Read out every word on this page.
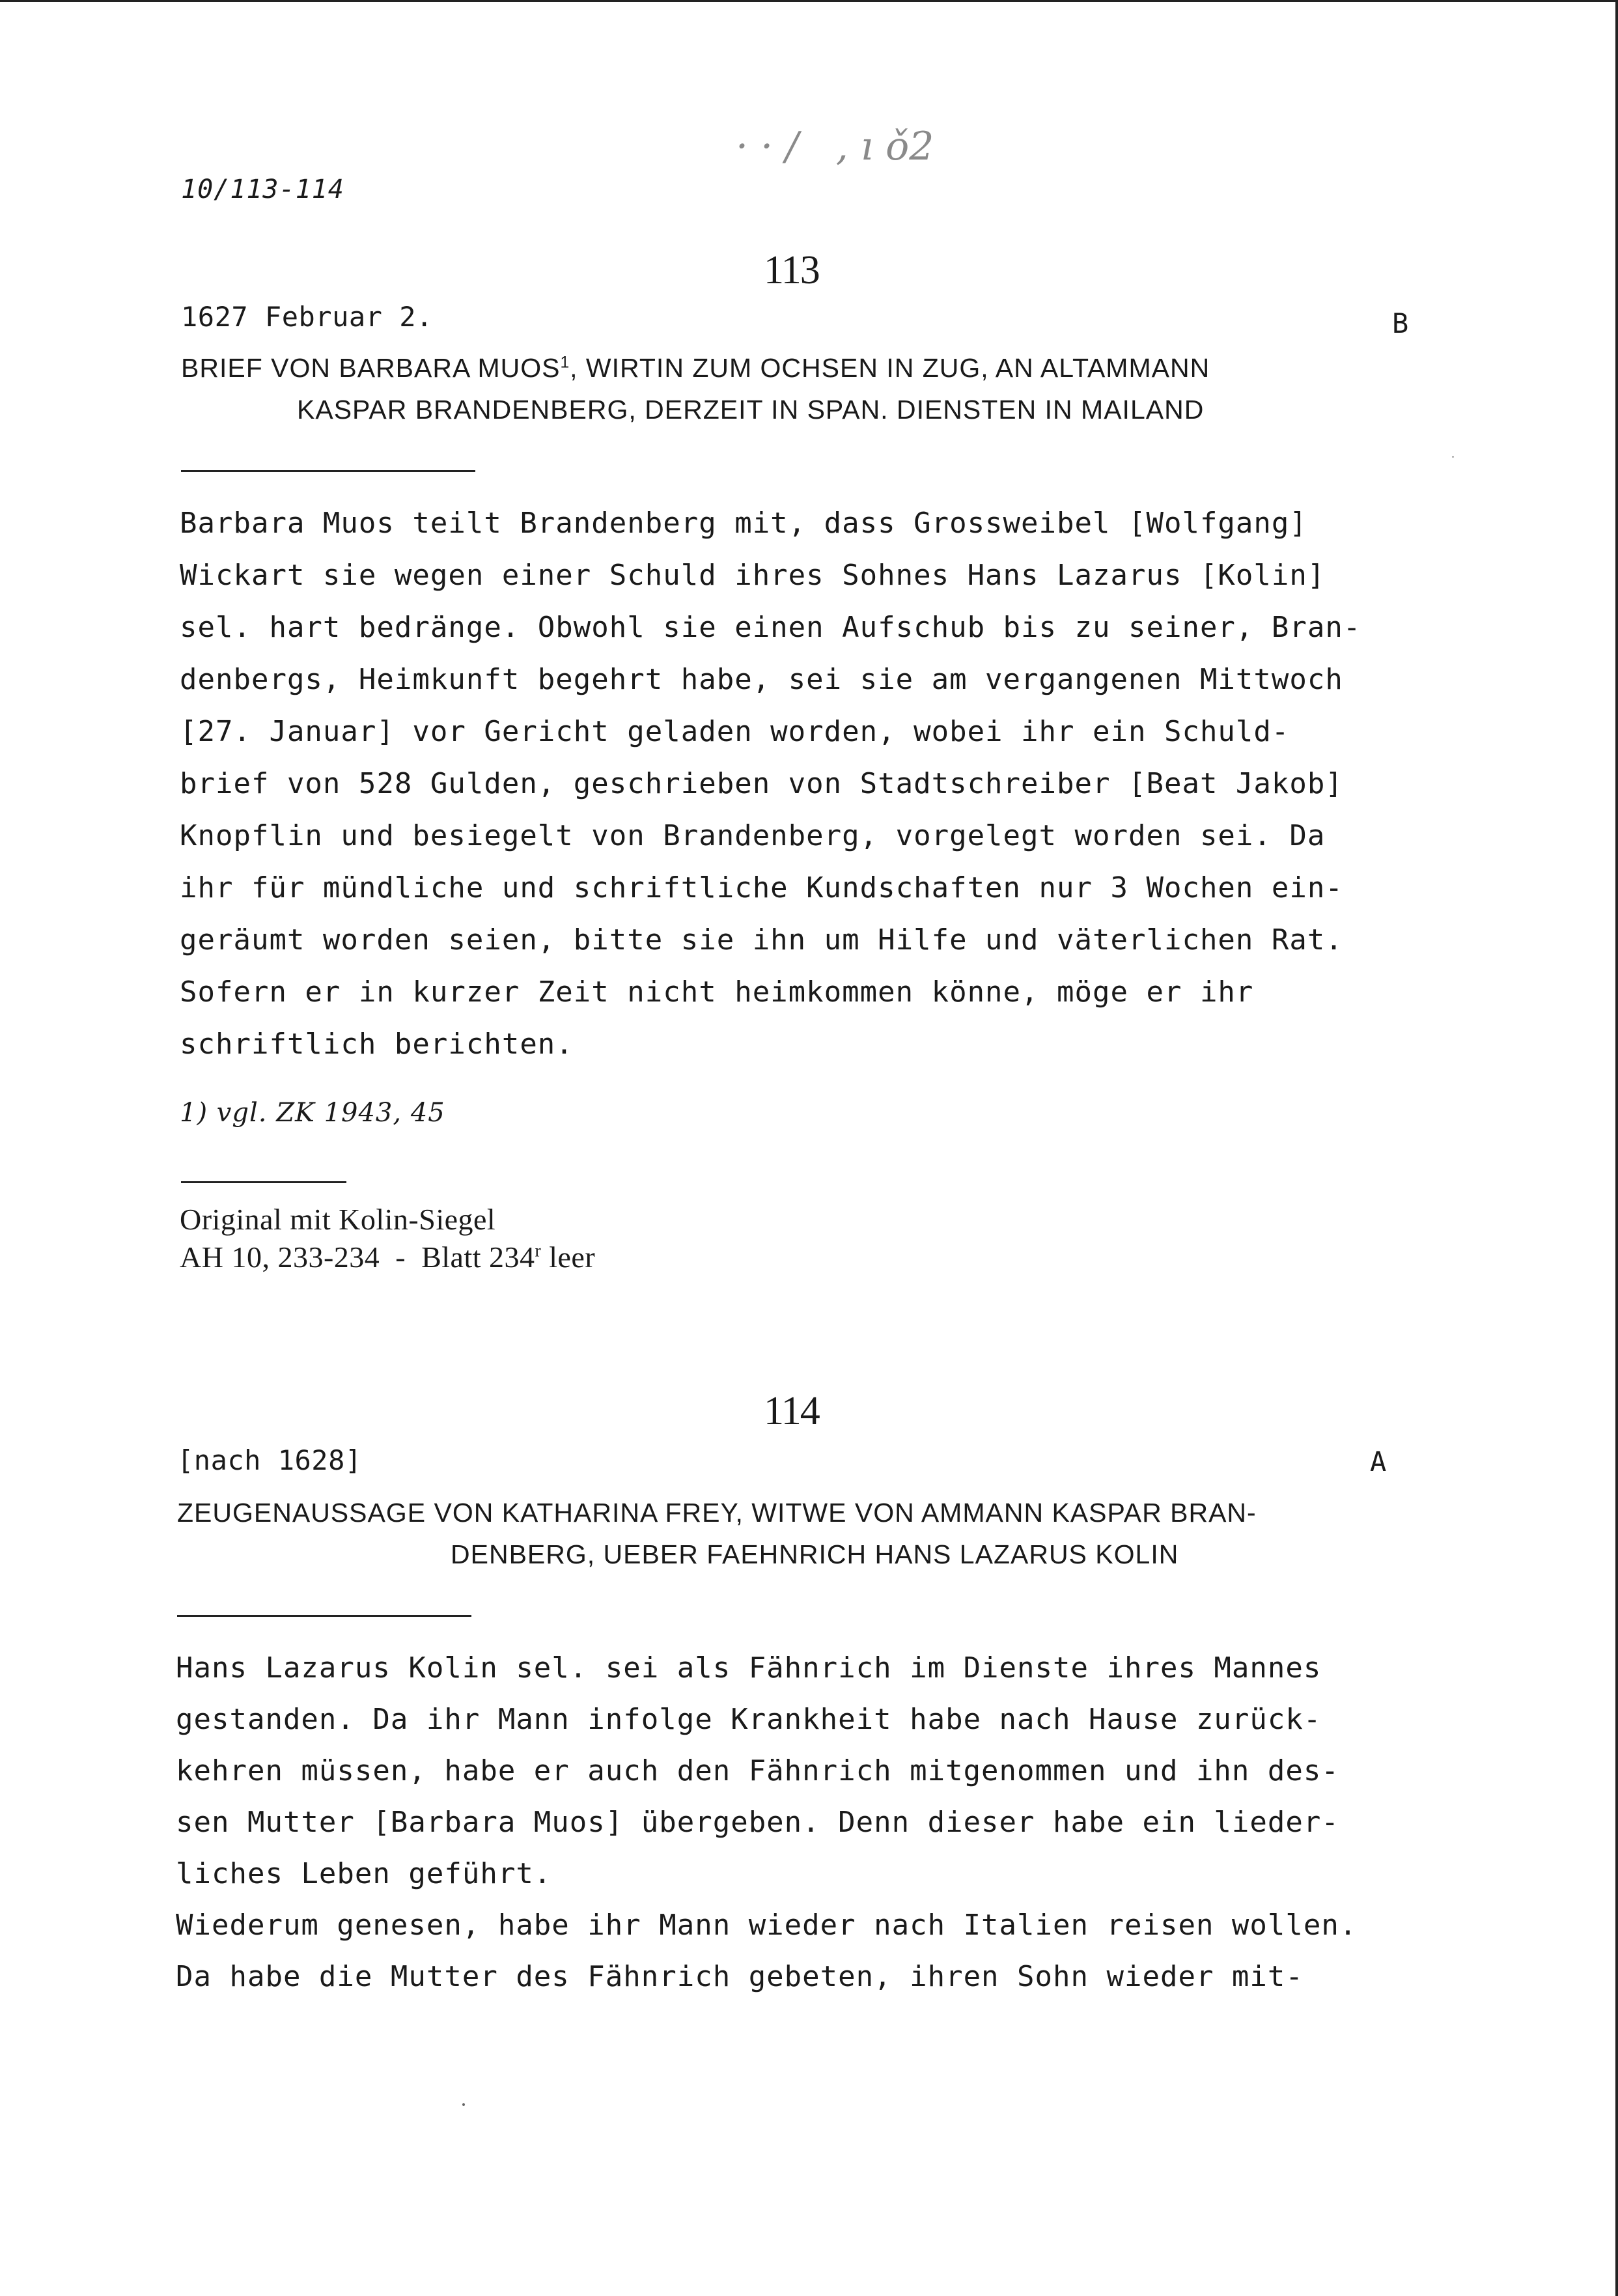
10/113-114
· · /   , ı ǒ2
113
1627 Februar 2.	B
BRIEF VON BARBARA MUOS$^1$, WIRTIN ZUM OCHSEN IN ZUG, AN ALTAMMANN
KASPAR BRANDENBERG, DERZEIT IN SPAN. DIENSTEN IN MAILAND
Barbara Muos teilt Brandenberg mit, dass Grossweibel [Wolfgang]
Wickart sie wegen einer Schuld ihres Sohnes Hans Lazarus [Kolin]
sel. hart bedränge. Obwohl sie einen Aufschub bis zu seiner, Bran-
denbergs, Heimkunft begehrt habe, sei sie am vergangenen Mittwoch
[27. Januar] vor Gericht geladen worden, wobei ihr ein Schuld-
brief von 528 Gulden, geschrieben von Stadtschreiber [Beat Jakob]
Knopflin und besiegelt von Brandenberg, vorgelegt worden sei. Da
ihr für mündliche und schriftliche Kundschaften nur 3 Wochen ein-
geräumt worden seien, bitte sie ihn um Hilfe und väterlichen Rat.
Sofern er in kurzer Zeit nicht heimkommen könne, möge er ihr
schriftlich berichten.
1) vgl. ZK 1943, 45
Original mit Kolin-Siegel
AH 10, 233-234  -  Blatt 234$^r$ leer
114
[nach 1628]	A
ZEUGENAUSSAGE VON KATHARINA FREY, WITWE VON AMMANN KASPAR BRAN-
DENBERG, UEBER FAEHNRICH HANS LAZARUS KOLIN
Hans Lazarus Kolin sel. sei als Fähnrich im Dienste ihres Mannes
gestanden. Da ihr Mann infolge Krankheit habe nach Hause zurück-
kehren müssen, habe er auch den Fähnrich mitgenommen und ihn des-
sen Mutter [Barbara Muos] übergeben. Denn dieser habe ein lieder-
liches Leben geführt.
Wiederum genesen, habe ihr Mann wieder nach Italien reisen wollen.
Da habe die Mutter des Fähnrich gebeten, ihren Sohn wieder mit-
